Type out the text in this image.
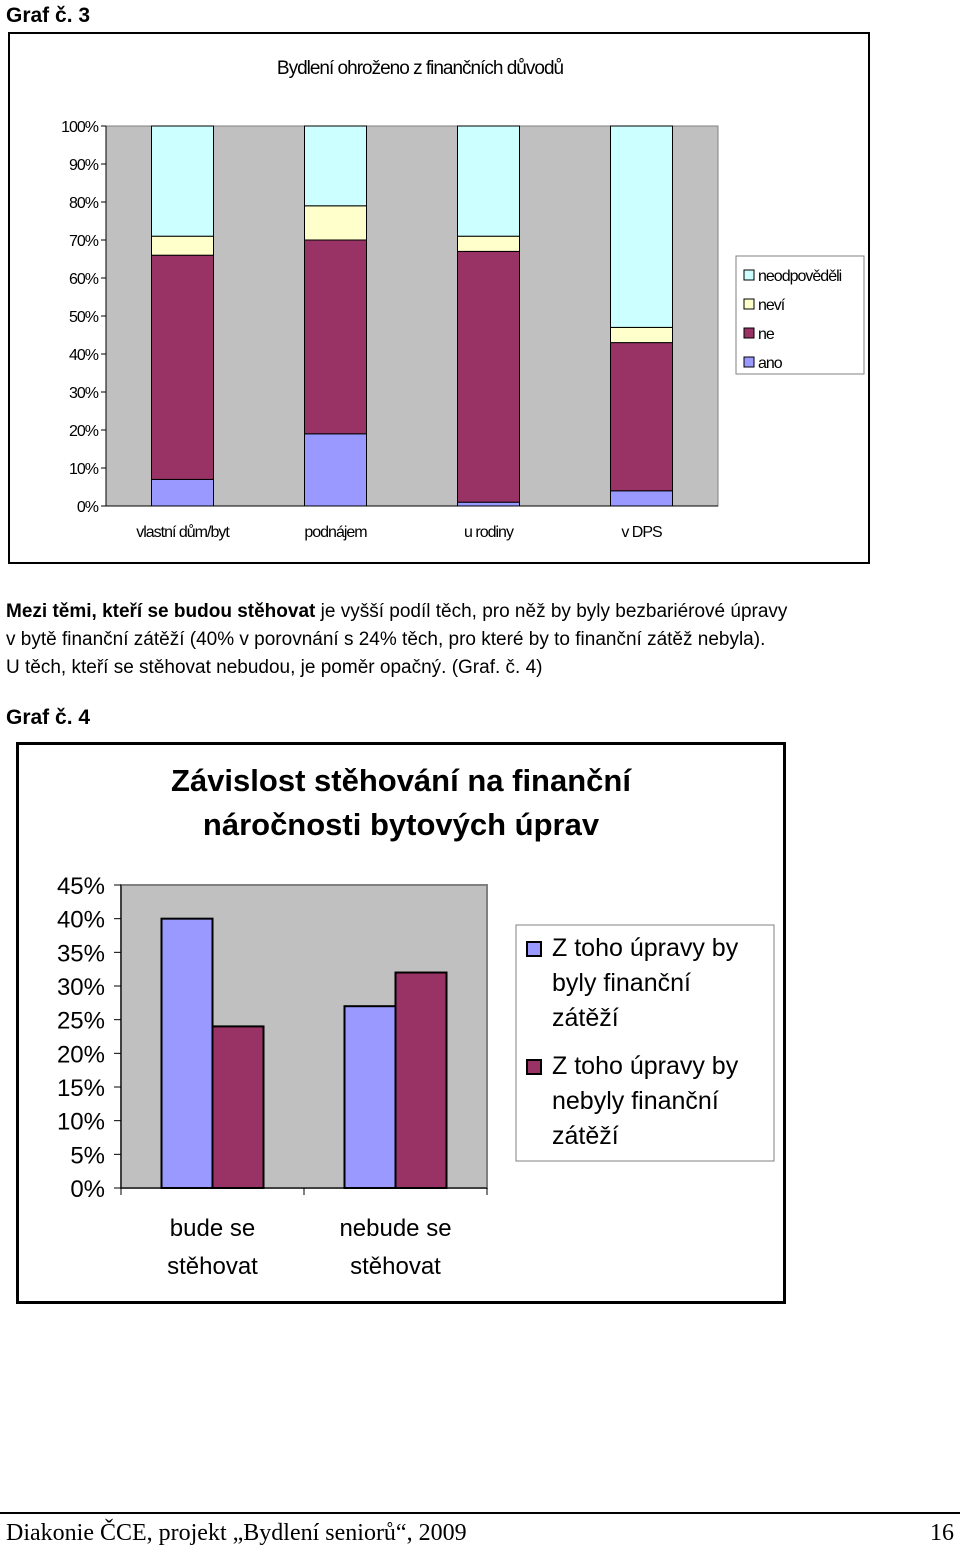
Graf č. 3
Bydlení ohroženo z finančních důvodů
0%
10%
20%
30%
40%
50%
60%
70%
80%
90%
100%
vlastní dům/byt	podnájem	u rodiny	v DPS
neodpověděli
neví
ne
ano

Mezi těmi, kteří se budou stěhovat je vyšší podíl těch, pro něž by byly bezbariérové úpravy

v bytě finanční zátěží (40% v porovnání s 24% těch, pro které by to finanční zátěž nebyla).

U těch, kteří se stěhovat nebudou, je poměr opačný. (Graf. č. 4)

Graf č. 4
Závislost stěhování na finanční
náročnosti bytových úprav
0%
5%
10%
15%
20%
25%
30%
35%
40%
45%
bude se
stěhovat
nebude se
stěhovat
Z toho úpravy by
byly finanční
zátěží
Z toho úpravy by
nebyly finanční
zátěží
Diakonie ČCE, projekt „Bydlení seniorů“, 2009	16
